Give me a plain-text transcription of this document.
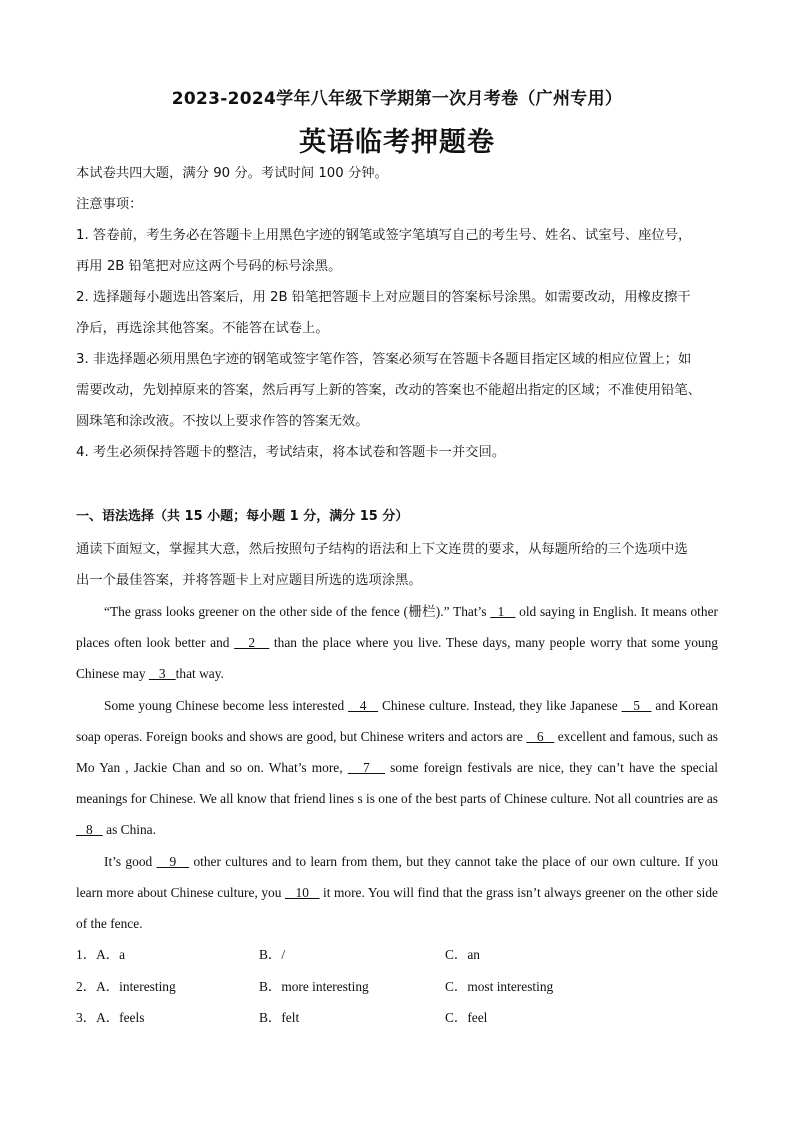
2023-2024学年八年级下学期第一次月考卷（广州专用）
英语临考押题卷
本试卷共四大题，满分 90 分。考试时间 100 分钟。
注意事项：
1. 答卷前，考生务必在答题卡上用黑色字迹的钢笔或签字笔填写自己的考生号、姓名、试室号、座位号，
再用 2B 铅笔把对应这两个号码的标号涂黑。
2. 选择题每小题选出答案后，用 2B 铅笔把答题卡上对应题目的答案标号涂黑。如需要改动，用橡皮擦干
净后，再选涂其他答案。不能答在试卷上。
3. 非选择题必须用黑色字迹的钢笔或签字笔作答，答案必须写在答题卡各题目指定区域的相应位置上；如
需要改动，先划掉原来的答案，然后再写上新的答案，改动的答案也不能超出指定的区域；不准使用铅笔、
圆珠笔和涂改液。不按以上要求作答的答案无效。
4. 考生必须保持答题卡的整洁，考试结束，将本试卷和答题卡一并交回。
一、语法选择（共 15 小题；每小题 1 分，满分 15 分）
通读下面短文，掌握其大意，然后按照句子结构的语法和上下文连贯的要求，从每题所给的三个选项中选
出一个最佳答案，并将答题卡上对应题目所选的选项涂黑。
“The grass looks greener on the other side of the fence (栅栏).” That’s   1    old saying in English. It means other places often look better and    2    than the place where you live. These days, many people worry that some young Chinese may    3   that way.
Some young Chinese become less interested    4    Chinese culture. Instead, they like Japanese    5    and Korean soap operas. Foreign books and shows are good, but Chinese writers and actors are    6    excellent and famous, such as Mo Yan , Jackie Chan and so on. What’s more,    7    some foreign festivals are nice, they can’t have the special meanings for Chinese. We all know that friend lines s is one of the best parts of Chinese culture. Not all countries are as    8    as China.
It’s good    9    other cultures and to learn from them, but they cannot take the place of our own culture. If you learn more about Chinese culture, you    10    it more. You will find that the grass isn’t always greener on the other side of the fence.
1．A．a	B．/	C．an
2．A．interesting	B．more interesting	C．most interesting
3．A．feels	B．felt	C．feel
